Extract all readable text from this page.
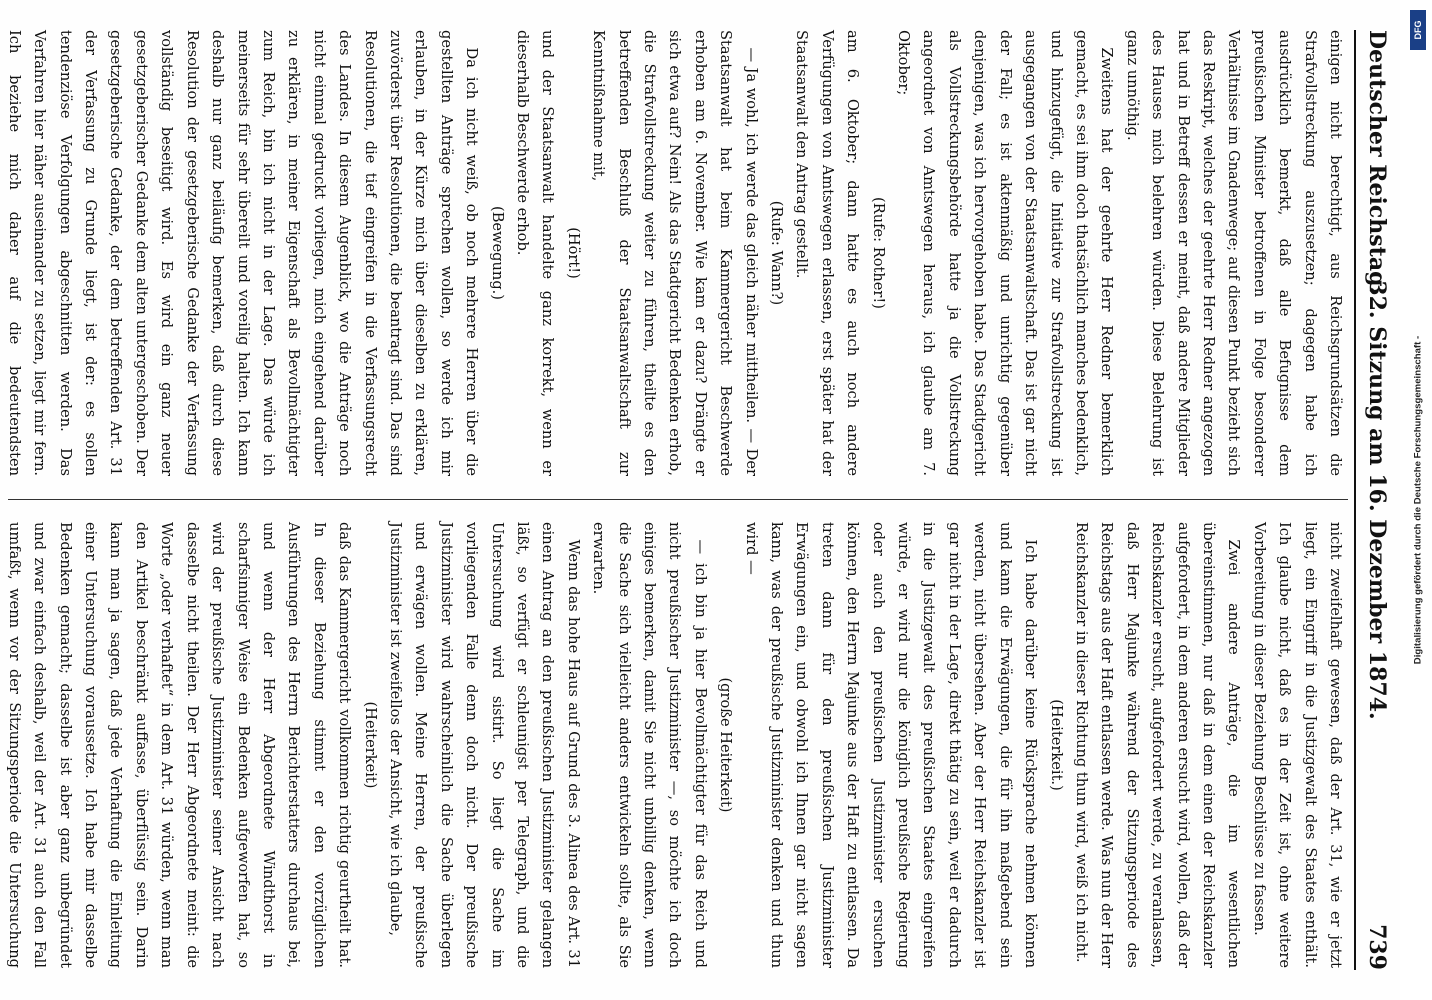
Deutscher Reichstag.
32. Sitzung am 16. Dezember 1874.
739

einigen nicht berechtigt, aus Reichsgrundsätzen die Strafvollstreckung auszusetzen; dagegen habe ich ausdrücklich bemerkt, daß alle Befugnisse dem preußischen Minister betroffenen in Folge besonderer Verhältnisse im Gnadenwege; auf diesen Punkt bezieht sich das Reskript, welches der geehrte Herr Redner angezogen hat und in Betreff dessen er meint, daß andere Mitglieder des Hauses mich belehren würden. Diese Belehrung ist ganz unnöthig.

Zweitens hat der geehrte Herr Redner bemerklich gemacht, es sei ihm doch thatsächlich manches bedenklich, und hinzugefügt, die Initiative zur Strafvollstreckung ist ausgegangen von der Staatsanwaltschaft. Das ist gar nicht der Fall; es ist aktenmäßig und unrichtig gegenüber denjenigen, was ich hervorgehoben habe. Das Stadtgericht als Vollstreckungsbehörde hatte ja die Vollstreckung angeordnet von Amtswegen heraus, ich glaube am 7. Oktober;

(Rufe: Rother!)

am 6. Oktober; dann hatte es auch noch andere Verfügungen von Amtswegen erlassen, erst später hat der Staatsanwalt den Antrag gestellt.

(Rufe: Wann?)

— Ja wohl, ich werde das gleich näher mittheilen. — Der Staatsanwalt hat beim Kammergericht Beschwerde erhoben am 6. November. Wie kam er dazu? Drängte er sich etwa auf? Nein! Als das Stadtgericht Bedenken erhob, die Strafvollstreckung weiter zu führen, theilte es den betreffenden Beschluß der Staatsanwaltschaft zur Kenntnißnahme mit,

(Hört!)

und der Staatsanwalt handelte ganz korrekt, wenn er dieserhalb Beschwerde erhob.

(Bewegung.)

Da ich nicht weiß, ob noch mehrere Herren über die gestellten Anträge sprechen wollen, so werde ich mir erlauben, in der Kürze mich über dieselben zu erklären, zuvörderst über Resolutionen, die beantragt sind. Das sind Resolutionen, die tief eingreifen in die Verfassungsrecht des Landes. In diesem Augenblick, wo die Anträge noch nicht einmal gedruckt vorliegen, mich eingehend darüber zu erklären, in meiner Eigenschaft als Bevollmächtigter zum Reich, bin ich nicht in der Lage. Das würde ich meinerseits für sehr übereilt und voreilig halten. Ich kann deshalb nur ganz beiläufig bemerken, daß durch diese Resolution der gesetzgeberische Gedanke der Verfassung vollständig beseitigt wird. Es wird ein ganz neuer gesetzgeberischer Gedanke dem alten untergeschoben. Der gesetzgeberische Gedanke, der dem betreffenden Art. 31 der Verfassung zu Grunde liegt, ist der: es sollen tendenziöse Verfolgungen abgeschnitten werden. Das Verfahren hier näher auseinander zu setzen, liegt mir fern. Ich beziehe mich daher auf die bedeutendsten

nicht zweifelhaft gewesen, daß der Art. 31, wie er jetzt liegt, ein Eingriff in die Justizgewalt des Staates enthält. Ich glaube nicht, daß es in der Zeit ist, ohne weitere Vorbereitung in dieser Beziehung Beschlüsse zu fassen.

Zwei andere Anträge, die im wesentlichen übereinstimmen, nur daß in dem einen der Reichskanzler aufgefordert, in dem anderen ersucht wird, wollen, daß der Reichskanzler ersucht, aufgefordert werde, zu veranlassen, daß Herr Majunke während der Sitzungsperiode des Reichstags aus der Haft entlassen werde. Was nun der Herr Reichskanzler in dieser Richtung thun wird, weiß ich nicht.

(Heiterkeit.)

Ich habe darüber keine Rücksprache nehmen können und kann die Erwägungen, die für ihn maßgebend sein werden, nicht übersehen. Aber der Herr Reichskanzler ist gar nicht in der Lage, direkt thätig zu sein, weil er dadurch in die Justizgewalt des preußischen Staates eingreifen würde, er wird nur die königlich preußische Regierung oder auch den preußischen Justizminister ersuchen können, den Herrn Majunke aus der Haft zu entlassen. Da treten dann für den preußischen Justizminister Erwägungen ein, und obwohl ich Ihnen gar nicht sagen kann, was der preußische Justizminister denken und thun wird —

(große Heiterkeit)

— ich bin ja hier Bevollmächtigter für das Reich und nicht preußischer Justizminister —, so möchte ich doch einiges bemerken, damit Sie nicht unbillig denken, wenn die Sache sich vielleicht anders entwickeln sollte, als Sie erwarten.

Wenn das hohe Haus auf Grund des 3. Alinea des Art. 31 einen Antrag an den preußischen Justizminister gelangen läßt, so verfügt er schleunigst per Telegraph, und die Untersuchung wird sistirt. So liegt die Sache im vorliegenden Falle denn doch nicht. Der preußische Justizminister wird wahrscheinlich die Sache überlegen und erwägen wollen. Meine Herren, der preußische Justizminister ist zweifellos der Ansicht, wie ich glaube,

(Heiterkeit)

daß das Kammergericht vollkommen richtig geurtheilt hat. In dieser Beziehung stimmt er den vorzüglichen Ausführungen des Herrn Berichterstatters durchaus bei, und wenn der Herr Abgeordnete Windthorst in scharfsinniger Weise ein Bedenken aufgeworfen hat, so wird der preußische Justizminister seiner Ansicht nach dasselbe nicht theilen. Der Herr Abgeordnete meint: die Worte „oder verhaftet“ in dem Art. 31 würden, wenn man den Artikel beschränkt auffasse, überflüssig sein. Darin kann man ja sagen, daß jede Verhaftung die Einleitung einer Untersuchung voraussetze. Ich habe mir dasselbe Bedenken gemacht; dasselbe ist aber ganz unbegründet und zwar einfach deshalb, weil der Art. 31 auch den Fall umfaßt, wenn vor der Sitzungsperiode die Untersuchung

Digitalisierung gefördert durch die Deutsche Forschungsgemeinschaft -
DFG
